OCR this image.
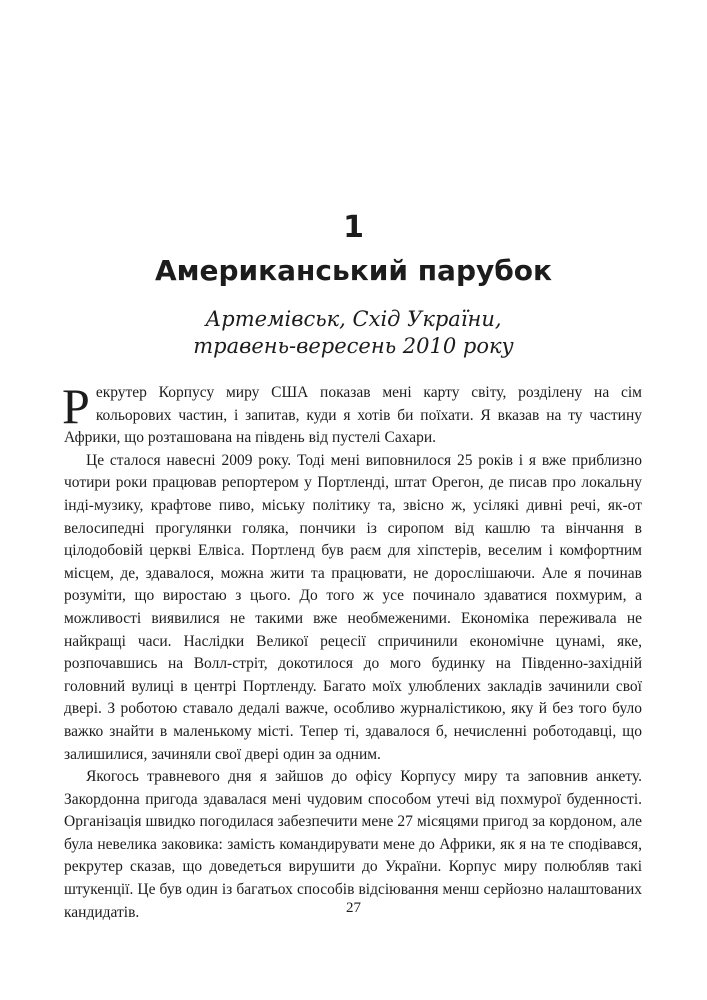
1
Американський парубок
Артемівськ, Схід України,
травень-вересень 2010 року

Рекрутер Корпусу миру США показав мені карту світу, розділену на сім кольорових частин, і запитав, куди я хотів би поїхати. Я вказав на ту частину Африки, що розташована на південь від пустелі Сахари.

Це сталося навесні 2009 року. Тоді мені виповнилося 25 років і я вже приблизно чотири роки працював репортером у Портленді, штат Орегон, де писав про локальну інді-музику, крафтове пиво, міську політику та, звісно ж, усілякі дивні речі, як-от велосипедні прогулянки голяка, пончики із сиропом від кашлю та вінчання в цілодобовій церкві Елвіса. Портленд був раєм для хіпстерів, веселим і комфортним місцем, де, здавалося, можна жити та працювати, не дорослішаючи. Але я починав розуміти, що виростаю з цього. До того ж усе починало здаватися похмурим, а можливості виявилися не такими вже необмеженими. Економіка переживала не найкращі часи. Наслідки Великої рецесії спричинили економічне цунамі, яке, розпочавшись на Волл-стріт, докотилося до мого будинку на Південно-західній головний вулиці в центрі Портленду. Багато моїх улюблених закладів зачинили свої двері. З роботою ставало дедалі важче, особливо журналістикою, яку й без того було важко знайти в маленькому місті. Тепер ті, здавалося б, нечисленні роботодавці, що залишилися, зачиняли свої двері один за одним.

Якогось травневого дня я зайшов до офісу Корпусу миру та заповнив анкету. Закордонна пригода здавалася мені чудовим способом утечі від похмурої буденності. Організація швидко погодилася забезпечити мене 27 місяцями пригод за кордоном, але була невелика заковика: замість командирувати мене до Африки, як я на те сподівався, рекрутер сказав, що доведеться вирушити до України. Корпус миру полюбляв такі штукенції. Це був один із багатьох способів відсіювання менш серйозно налаштованих кандидатів.	27
